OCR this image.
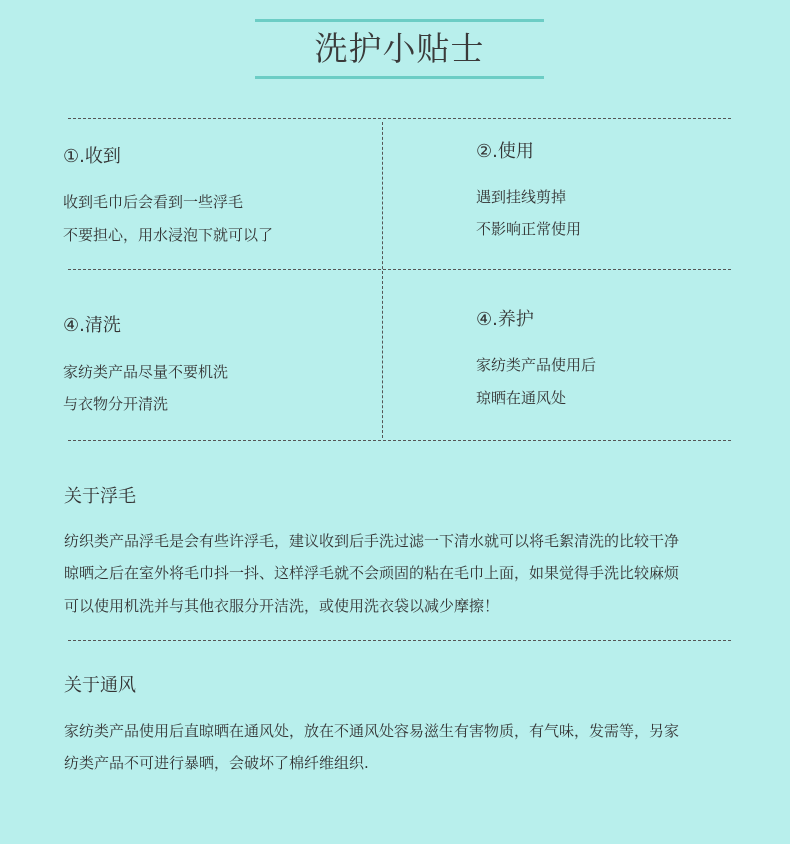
洗护小贴士
①.收到
收到毛巾后会看到一些浮毛
不要担心，用水浸泡下就可以了
②.使用
遇到挂线剪掉
不影响正常使用
④.清洗
家纺类产品尽量不要机洗
与衣物分开清洗
④.养护
家纺类产品使用后
琼晒在通风处
关于浮毛
纺织类产品浮毛是会有些许浮毛，建议收到后手洗过滤一下清水就可以将毛絮清洗的比较干净
晾晒之后在室外将毛巾抖一抖、这样浮毛就不会顽固的粘在毛巾上面，如果觉得手洗比较麻烦
可以使用机洗并与其他衣服分开洁洗，或使用洗衣袋以减少摩擦！
关于通风
家纺类产品使用后直晾晒在通风处，放在不通风处容易滋生有害物质，有气味，发需等，另家
纺类产品不可进行暴晒，会破坏了棉纤维组织.
